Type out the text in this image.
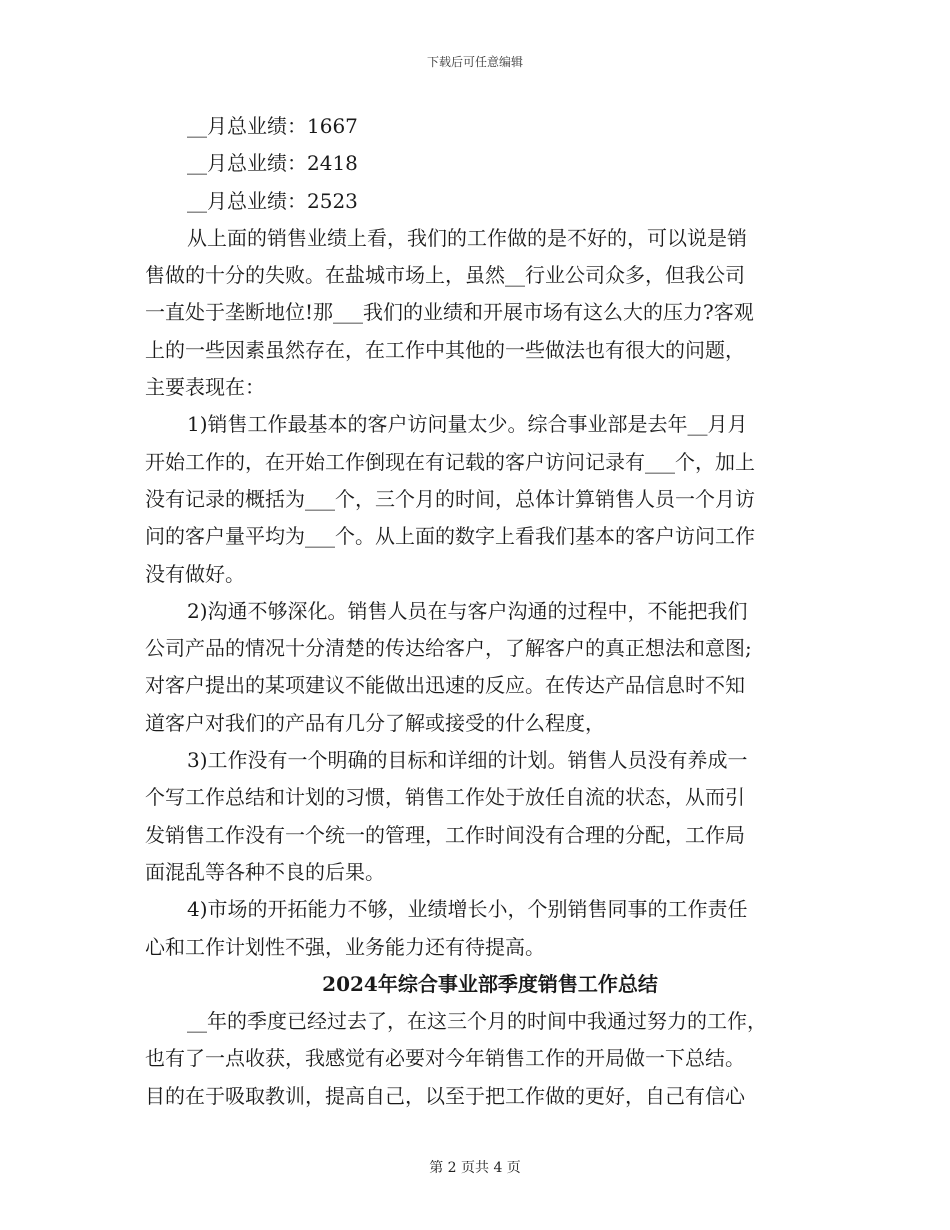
下载后可任意编辑
__月总业绩：1667
__月总业绩：2418
__月总业绩：2523
从上面的销售业绩上看，我们的工作做的是不好的，可以说是销
售做的十分的失败。在盐城市场上，虽然__行业公司众多，但我公司
一直处于垄断地位!那___我们的业绩和开展市场有这么大的压力?客观
上的一些因素虽然存在，在工作中其他的一些做法也有很大的问题，
主要表现在：
1)销售工作最基本的客户访问量太少。综合事业部是去年__月月
开始工作的，在开始工作倒现在有记载的客户访问记录有___个，加上
没有记录的概括为___个，三个月的时间，总体计算销售人员一个月访
问的客户量平均为___个。从上面的数字上看我们基本的客户访问工作
没有做好。
2)沟通不够深化。销售人员在与客户沟通的过程中，不能把我们
公司产品的情况十分清楚的传达给客户，了解客户的真正想法和意图;
对客户提出的某项建议不能做出迅速的反应。在传达产品信息时不知
道客户对我们的产品有几分了解或接受的什么程度，
3)工作没有一个明确的目标和详细的计划。销售人员没有养成一
个写工作总结和计划的习惯，销售工作处于放任自流的状态，从而引
发销售工作没有一个统一的管理，工作时间没有合理的分配，工作局
面混乱等各种不良的后果。
4)市场的开拓能力不够，业绩增长小，个别销售同事的工作责任
心和工作计划性不强，业务能力还有待提高。
2024年综合事业部季度销售工作总结
__年的季度已经过去了，在这三个月的时间中我通过努力的工作，
也有了一点收获，我感觉有必要对今年销售工作的开局做一下总结。
目的在于吸取教训，提高自己，以至于把工作做的更好，自己有信心
第 2 页共 4 页
